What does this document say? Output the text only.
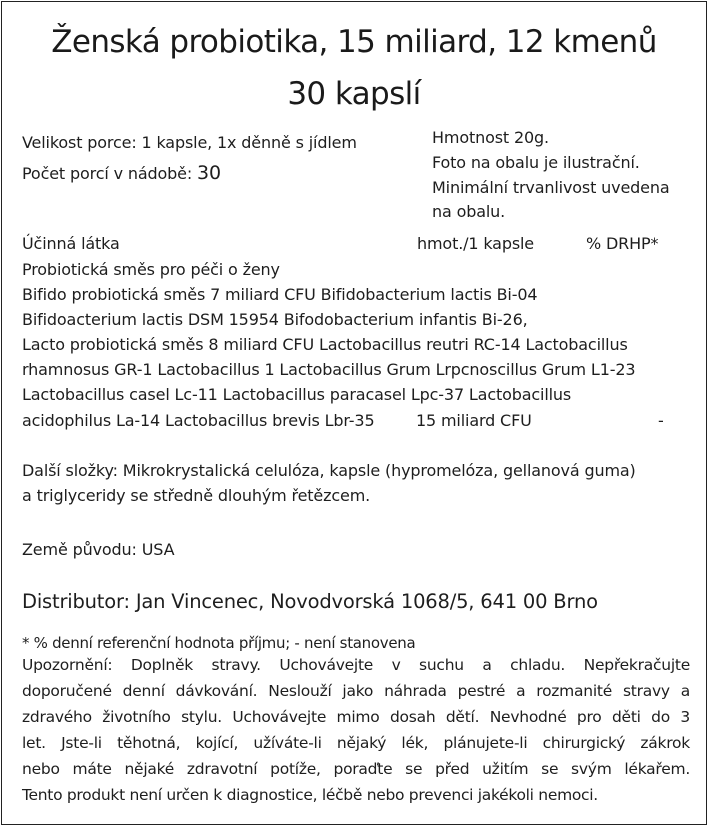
Ženská probiotika, 15 miliard, 12 kmenů
30 kapslí
Velikost porce: 1 kapsle, 1x děnně s jídlem
Počet porcí v nádobě: 30
Hmotnost 20g.
Foto na obalu je ilustrační.
Minimální trvanlivost uvedena
na obalu.
Účinná látka	hmot./1 kapsle	% DRHP*
Probiotická směs pro péči o ženy
Bifido probiotická směs 7 miliard CFU Bifidobacterium lactis Bi-04
Bifidoacterium lactis DSM 15954 Bifodobacterium infantis Bi-26,
Lacto probiotická směs 8 miliard CFU Lactobacillus reutri RC-14 Lactobacillus
rhamnosus GR-1 Lactobacillus 1 Lactobacillus Grum Lrpcnoscillus Grum L1-23
Lactobacillus casel Lc-11 Lactobacillus paracasel Lpc-37 Lactobacillus
acidophilus La-14 Lactobacillus brevis Lbr-35	15 miliard CFU	-
Další složky: Mikrokrystalická celulóza, kapsle (hypromelóza, gellanová guma)
a triglyceridy se středně dlouhým řetězcem.
Země původu: USA
Distributor: Jan Vincenec, Novodvorská 1068/5, 641 00 Brno
* % denní referenční hodnota příjmu; - není stanovena
Upozornění: Doplněk stravy. Uchovávejte v suchu a chladu. Nepřekračujte
doporučené denní dávkování. Neslouží jako náhrada pestré a rozmanité stravy a
zdravého životního stylu. Uchovávejte mimo dosah dětí. Nevhodné pro děti do 3
let. Jste-li těhotná, kojící, užíváte-li nějaký lék, plánujete-li chirurgický zákrok
nebo máte nějaké zdravotní potíže, poraďte se před užitím se svým lékařem.
Tento produkt není určen k diagnostice, léčbě nebo prevenci jakékoli nemoci.
